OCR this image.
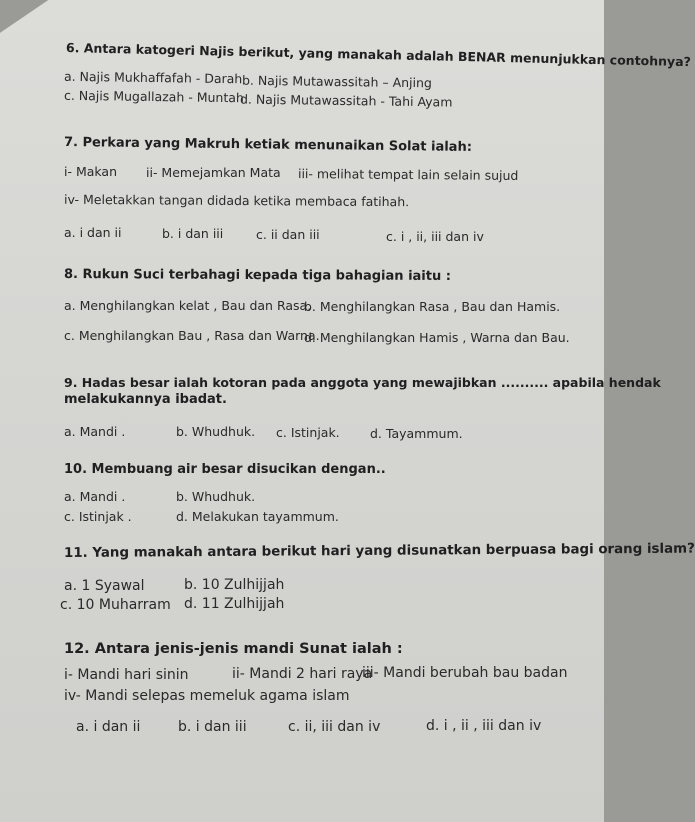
6. Antara katogeri Najis berikut, yang manakah adalah BENAR menunjukkan contohnya?
a. Najis Mukhaffafah - Darah b. Najis Mutawassitah – Anjing
c. Najis Mugallazah - Muntah
d. Najis Mutawassitah - Tahi Ayam
7. Perkara yang Makruh ketiak menunaikan Solat ialah:
i- Makan ii- Memejamkan Mata iii- melihat tempat lain selain sujud
iv- Meletakkan tangan didada ketika membaca fatihah.
a. i dan ii	b. i dan iii	c. ii dan iii	c. i , ii, iii dan iv
8. Rukun Suci terbahagi kepada tiga bahagian iaitu :
a. Menghilangkan kelat , Bau dan Rasa.
b. Menghilangkan Rasa , Bau dan Hamis.
c. Menghilangkan Bau , Rasa dan Warna.
d. Menghilangkan Hamis , Warna dan Bau.
9. Hadas besar ialah kotoran pada anggota yang mewajibkan .......... apabila hendak
melakukannya ibadat.
a. Mandi .	b. Whudhuk. c. Istinjak. d. Tayammum.
10. Membuang air besar disucikan dengan..
a. Mandi .	b. Whudhuk.
c. Istinjak .	d. Melakukan tayammum.
11. Yang manakah antara berikut hari yang disunatkan berpuasa bagi orang islam?
a. 1 Syawal	b. 10 Zulhijjah
c. 10 Muharram d. 11 Zulhijjah
12. Antara jenis-jenis mandi Sunat ialah :
i- Mandi hari sinin	ii- Mandi 2 hari raya
iii- Mandi berubah bau badan
iv- Mandi selepas memeluk agama islam
a. i dan ii	b. i dan iii	c. ii, iii dan iv	d. i , ii , iii dan iv
